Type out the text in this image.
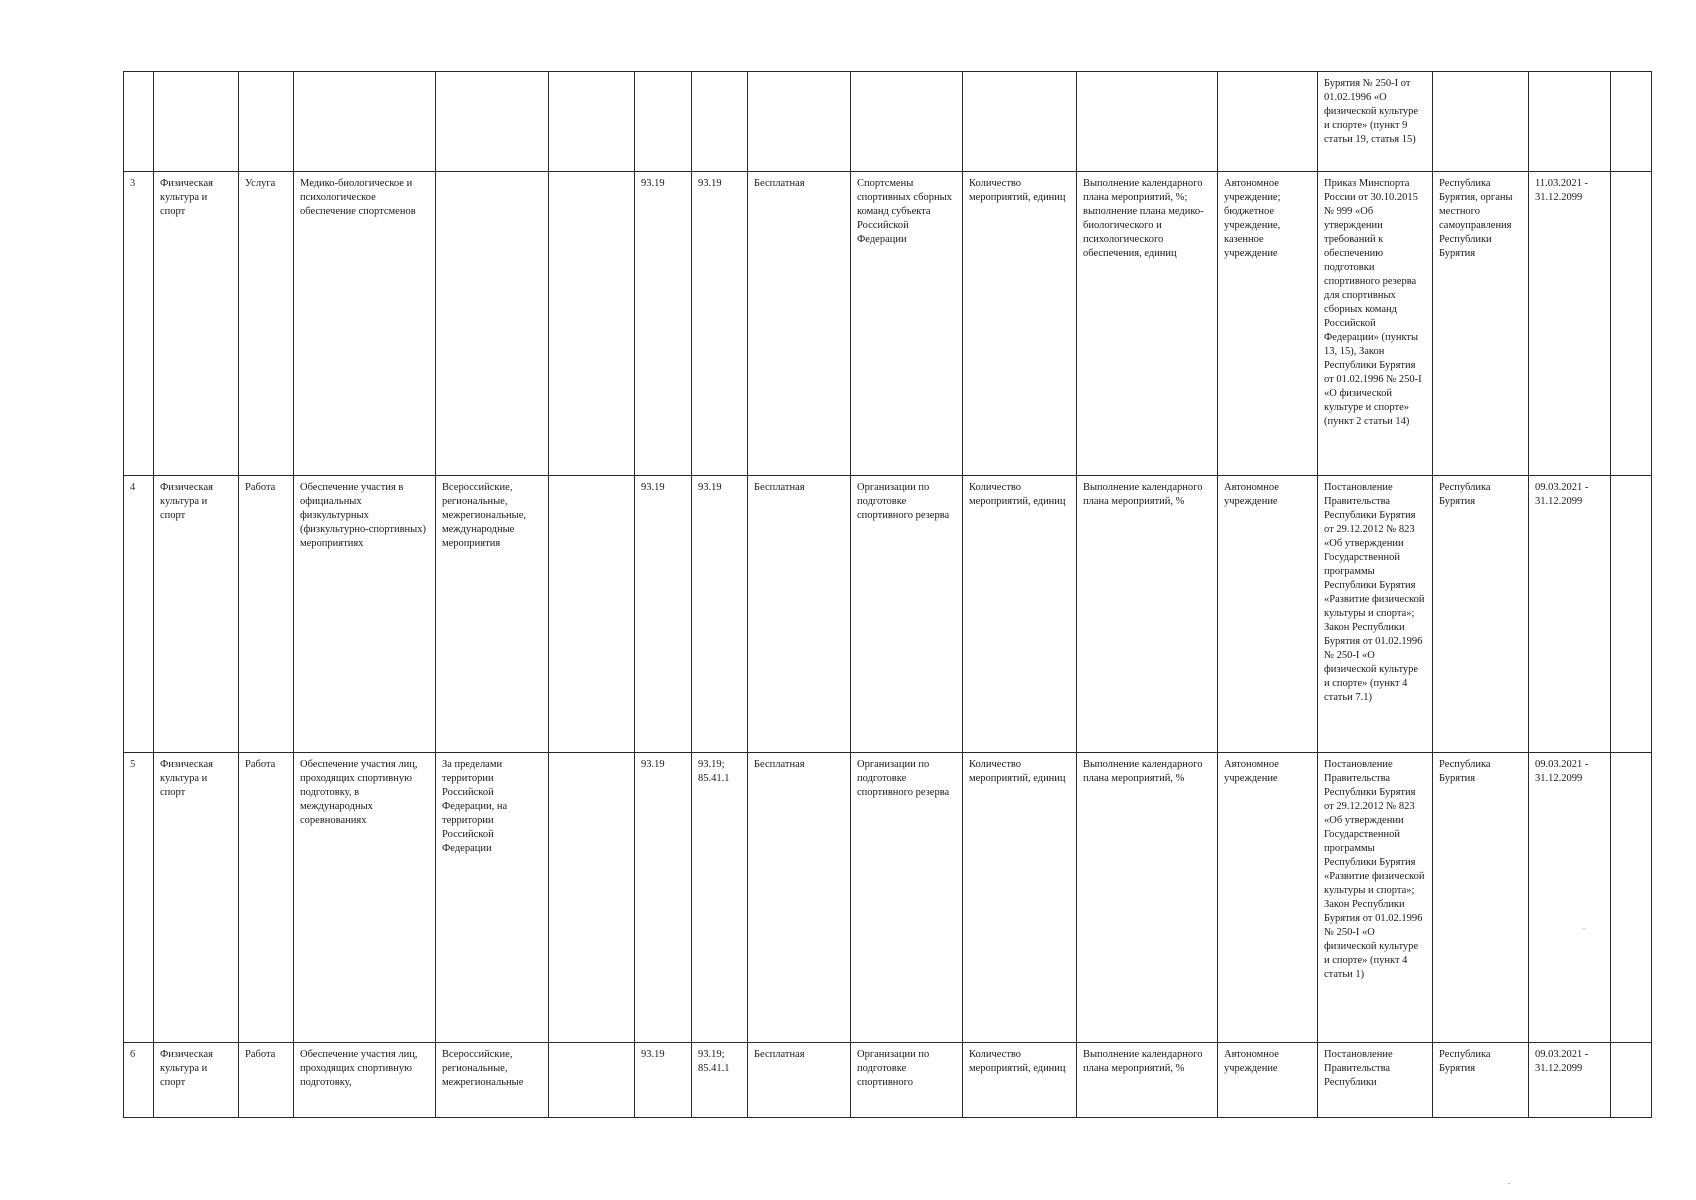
													Бурятия № 250-I от 01.02.1996 «О физической культуре и спорте» (пункт 9 статьи 19, статья 15)			
3	Физическая культура и спорт	Услуга	Медико-биологическое и психологическое обеспечение спортсменов			93.19	93.19	Бесплатная	Спортсмены спортивных сборных команд субъекта Российской Федерации	Количество мероприятий, единиц	Выполнение календарного плана мероприятий, %; выполнение плана медико-биологического и психологического обеспечения, единиц	Автономное учреждение; бюджетное учреждение, казенное учреждение	Приказ Минспорта России от 30.10.2015 № 999 «Об утверждении требований к обеспечению подготовки спортивного резерва для спортивных сборных команд Российской Федерации» (пункты 13, 15), Закон Республики Бурятия от 01.02.1996 № 250-I «О физической культуре и спорте» (пункт 2 статьи 14)	Республика Бурятия, органы местного самоуправления Республики Бурятия	11.03.2021 - 31.12.2099	
4	Физическая культура и спорт	Работа	Обеспечение участия в официальных физкультурных (физкультурно-спортивных) мероприятиях	Всероссийские, региональные, межрегиональные, международные мероприятия		93.19	93.19	Бесплатная	Организации по подготовке спортивного резерва	Количество мероприятий, единиц	Выполнение календарного плана мероприятий, %	Автономное учреждение	Постановление Правительства Республики Бурятия от 29.12.2012 № 823 «Об утверждении Государственной программы Республики Бурятия «Развитие физической культуры и спорта»; Закон Республики Бурятия от 01.02.1996 № 250-I «О физической культуре и спорте» (пункт 4 статьи 7.1)	Республика Бурятия	09.03.2021 - 31.12.2099	
5	Физическая культура и спорт	Работа	Обеспечение участия лиц, проходящих спортивную подготовку, в международных соревнованиях	За пределами территории Российской Федерации, на территории Российской Федерации		93.19	93.19; 85.41.1	Бесплатная	Организации по подготовке спортивного резерва	Количество мероприятий, единиц	Выполнение календарного плана мероприятий, %	Автономное учреждение	Постановление Правительства Республики Бурятия от 29.12.2012 № 823 «Об утверждении Государственной программы Республики Бурятия «Развитие физической культуры и спорта»; Закон Республики Бурятия от 01.02.1996 № 250-I «О физической культуре и спорте» (пункт 4 статьи 1)	Республика Бурятия	09.03.2021 - 31.12.2099	
6	Физическая культура и спорт	Работа	Обеспечение участия лиц, проходящих спортивную подготовку,	Всероссийские, региональные, межрегиональные		93.19	93.19; 85.41.1	Бесплатная	Организации по подготовке спортивного	Количество мероприятий, единиц	Выполнение календарного плана мероприятий, %	Автономное учреждение	Постановление Правительства Республики	Республика Бурятия	09.03.2021 - 31.12.2099	
